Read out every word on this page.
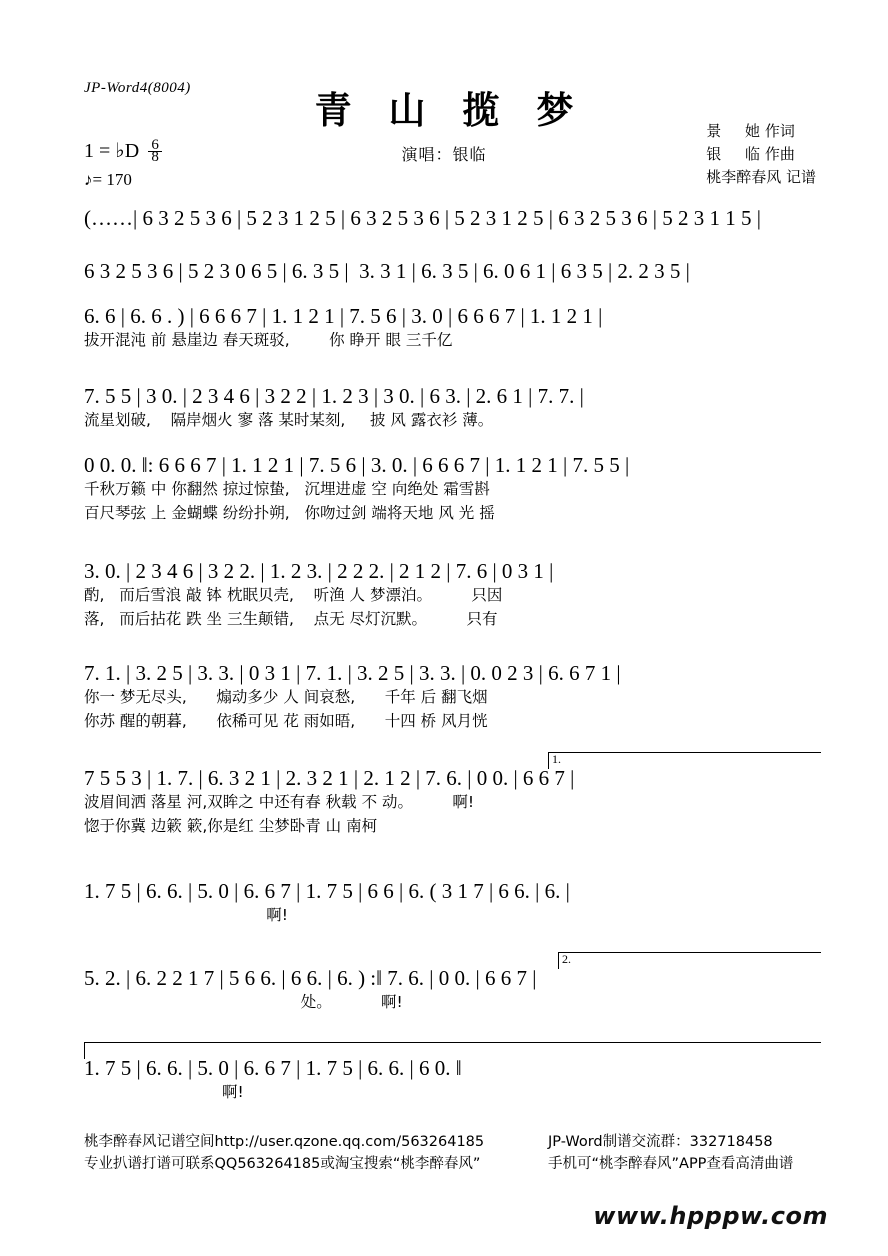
JP-Word4(8004)
青 山 揽 梦
演唱：银临
景     她 作词
银     临 作曲
桃李醉春风 记谱
1 = ♭D $\frac{6}{8}$
♪= 170
(……| 6 3 2 5 3 6 | 5 2 3 1 2 5 | 6 3 2 5 3 6 | 5 2 3 1 2 5 | 6 3 2 5 3 6 | 5 2 3 1 1 5 |
6 3 2 5 3 6 | 5 2 3 0 6 5 | 6. 3 5 |  3. 3 1 | 6. 3 5 | 6. 0 6 1 | 6 3 5 | 2. 2 3 5 |
6. 6 | 6. 6 . ) | 6 6 6 7 | 1. 1 2 1 | 7. 5 6 | 3. 0 | 6 6 6 7 | 1. 1 2 1 |
拔开混沌 前 悬崖边 春天斑驳,        你 睁开 眼 三千亿
7. 5 5 | 3 0. | 2 3 4 6 | 3 2 2 | 1. 2 3 | 3 0. | 6 3. | 2. 6 1 | 7. 7. |
流星划破,    隔岸烟火 寥 落 某时某刻,     披 风 露衣衫 薄。
0 0. 0. ‖: 6 6 6 7 | 1. 1 2 1 | 7. 5 6 | 3. 0. | 6 6 6 7 | 1. 1 2 1 | 7. 5 5 |
千秋万籁 中 你翻然 掠过惊蛰,   沉埋进虚 空 向绝处 霜雪斟
百尺琴弦 上 金蝴蝶 纷纷扑朔,   你吻过剑 端将天地 风 光 摇
3. 0. | 2 3 4 6 | 3 2 2. | 1. 2 3. | 2 2 2. | 2 1 2 | 7. 6 | 0 3 1 |
酌,   而后雪浪 敲 钵 枕眠贝壳,    听渔 人 梦漂泊。        只因
落,   而后拈花 跌 坐 三生颠错,    点无 尽灯沉默。        只有
7. 1. | 3. 2 5 | 3. 3. | 0 3 1 | 7. 1. | 3. 2 5 | 3. 3. | 0. 0 2 3 | 6. 6 7 1 |
你一 梦无尽头,      煽动多少 人 间哀愁,      千年 后 翻飞烟
你苏 醒的朝暮,      依稀可见 花 雨如晤,      十四 桥 风月恍
7 5 5 3 | 1. 7. | 6. 3 2 1 | 2. 3 2 1 | 2. 1 2 | 7. 6. | 0 0. | 6 6 7 |
波眉间洒 落星 河,双眸之 中还有春 秋载 不 动。        啊!
惚于你冀 边簌 簌,你是红 尘梦卧青 山 南柯
1. 7 5 | 6. 6. | 5. 0 | 6. 6 7 | 1. 7 5 | 6 6 | 6. ( 3 1 7 | 6 6. | 6. |
啊!
5. 2. | 6. 2 2 1 7 | 5 6 6. | 6 6. | 6. ) :‖ 7. 6. | 0 0. | 6 6 7 |
处。          啊!
1. 7 5 | 6. 6. | 5. 0 | 6. 6 7 | 1. 7 5 | 6. 6. | 6 0. ‖
啊!
1.
2.
桃李醉春风记谱空间http://user.qzone.qq.com/563264185
专业扒谱打谱可联系QQ563264185或淘宝搜索“桃李醉春风”
JP-Word制谱交流群：332718458
手机可“桃李醉春风”APP查看高清曲谱
www.hpppw.com
